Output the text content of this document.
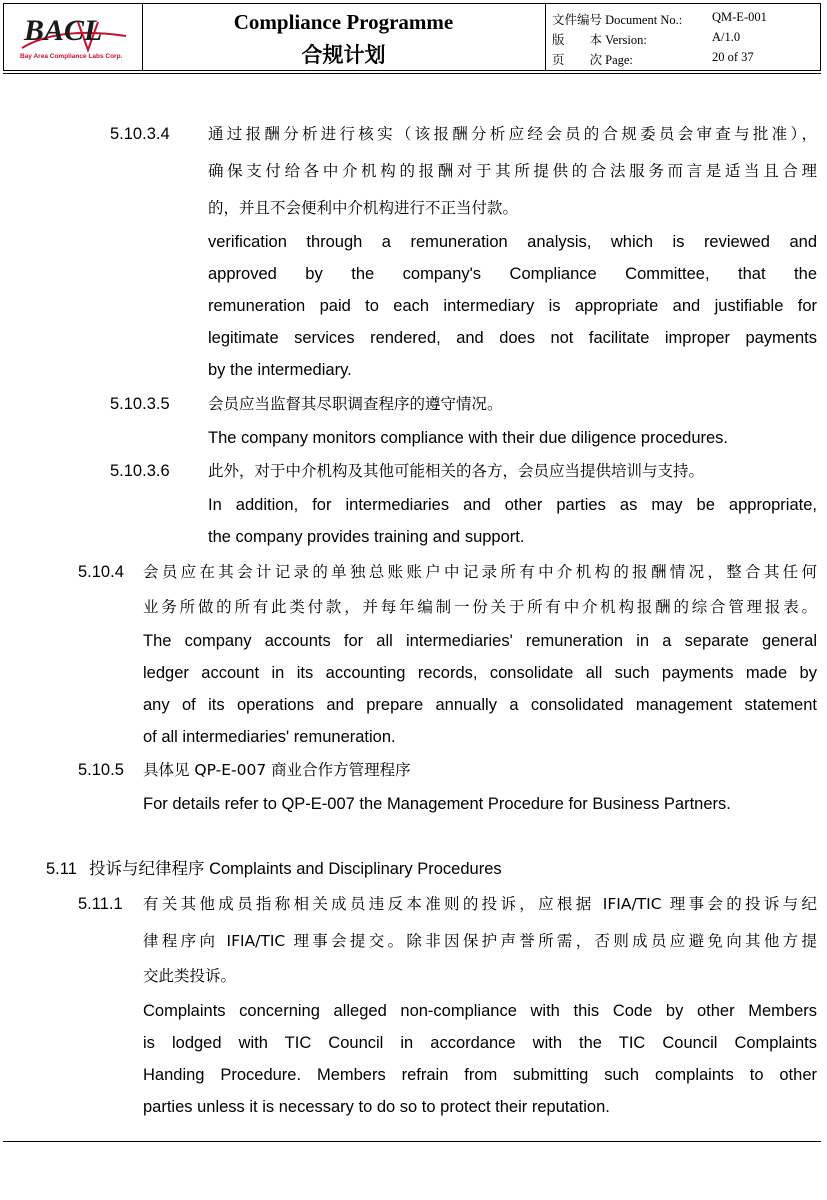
BACL
Bay Area Compliance Labs Corp.
Compliance Programme
合规计划
文件编号 Document No.: QM-E-001
版　　本 Version:	A/1.0
页　　次 Page:	20 of 37
5.10.3.4 通过报酬分析进行核实（该报酬分析应经会员的合规委员会审查与批准），
确保支付给各中介机构的报酬对于其所提供的合法服务而言是适当且合理
的，并且不会便利中介机构进行不正当付款。
verification through a remuneration analysis, which is reviewed and
approved by the company's Compliance Committee, that the
remuneration paid to each intermediary is appropriate and justifiable for
legitimate services rendered, and does not facilitate improper payments
by the intermediary.
5.10.3.5 会员应当监督其尽职调查程序的遵守情况。
The company monitors compliance with their due diligence procedures.
5.10.3.6 此外，对于中介机构及其他可能相关的各方，会员应当提供培训与支持。
In addition, for intermediaries and other parties as may be appropriate,
the company provides training and support.
5.10.4 会员应在其会计记录的单独总账账户中记录所有中介机构的报酬情况，整合其任何
业务所做的所有此类付款，并每年编制一份关于所有中介机构报酬的综合管理报表。
The company accounts for all intermediaries' remuneration in a separate general
ledger account in its accounting records, consolidate all such payments made by
any of its operations and prepare annually a consolidated management statement
of all intermediaries' remuneration.
5.10.5 具体见 QP-E-007 商业合作方管理程序
For details refer to QP-E-007 the Management Procedure for Business Partners.
5.11 投诉与纪律程序 Complaints and Disciplinary Procedures
5.11.1 有关其他成员指称相关成员违反本准则的投诉，应根据 IFIA/TIC 理事会的投诉与纪
律程序向 IFIA/TIC 理事会提交。除非因保护声誉所需，否则成员应避免向其他方提
交此类投诉。
Complaints concerning alleged non-compliance with this Code by other Members
is lodged with TIC Council in accordance with the TIC Council Complaints
Handing Procedure. Members refrain from submitting such complaints to other
parties unless it is necessary to do so to protect their reputation.
